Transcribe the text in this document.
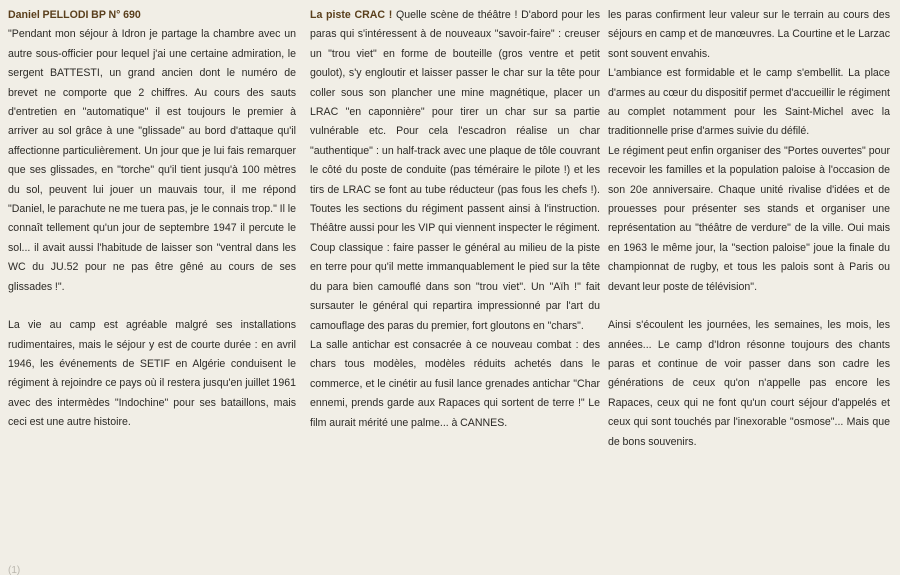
Daniel PELLODI BP N° 690

"Pendant mon séjour à Idron je partage la chambre avec un autre sous-officier pour lequel j'ai une certaine admiration, le sergent BATTESTI, un grand ancien dont le numéro de brevet ne comporte que 2 chiffres. Au cours des sauts d'entretien en "automatique" il est toujours le premier à arriver au sol grâce à une "glissade" au bord d'attaque qu'il affectionne particulièrement. Un jour que je lui fais remarquer que ses glissades, en "torche" qu'il tient jusqu'à 100 mètres du sol, peuvent lui jouer un mauvais tour, il me répond "Daniel, le parachute ne me tuera pas, je le connais trop." Il le connaît tellement qu'un jour de septembre 1947 il percute le sol... il avait aussi l'habitude de laisser son "ventral dans les WC du JU.52 pour ne pas être gêné au cours de ses glissades !".

La vie au camp est agréable malgré ses installations rudimentaires, mais le séjour y est de courte durée : en avril 1946, les événements de SETIF en Algérie conduisent le régiment à rejoindre ce pays où il restera jusqu'en juillet 1961 avec des intermèdes "Indochine" pour ses bataillons, mais ceci est une autre histoire.

La piste CRAC ! Quelle scène de théâtre ! D'abord pour les paras qui s'intéressent à de nouveaux "savoir-faire" : creuser un "trou viet" en forme de bouteille (gros ventre et petit goulot), s'y engloutir et laisser passer le char sur la tête pour coller sous son plancher une mine magnétique, placer un LRAC "en caponnière" pour tirer un char sur sa partie vulnérable etc. Pour cela l'escadron réalise un char "authentique" : un half-track avec une plaque de tôle couvrant le côté du poste de conduite (pas téméraire le pilote !) et les tirs de LRAC se font au tube réducteur (pas fous les chefs !). Toutes les sections du régiment passent ainsi à l'instruction. Théâtre aussi pour les VIP qui viennent inspecter le régiment. Coup classique : faire passer le général au milieu de la piste en terre pour qu'il mette immanquablement le pied sur la tête du para bien camouflé dans son "trou viet". Un "Aïh !" fait sursauter le général qui repartira impressionné par l'art du camouflage des paras du premier, fort gloutons en "chars".

La salle antichar est consacrée à ce nouveau combat : des chars tous modèles, modèles réduits achetés dans le commerce, et le cinétir au fusil lance grenades antichar "Char ennemi, prends garde aux Rapaces qui sortent de terre !" Le film aurait mérité une palme... à CANNES.

les paras confirment leur valeur sur le terrain au cours des séjours en camp et de manœuvres. La Courtine et le Larzac sont souvent envahis.

L'ambiance est formidable et le camp s'embellit. La place d'armes au cœur du dispositif permet d'accueillir le régiment au complet notamment pour les Saint-Michel avec la traditionnelle prise d'armes suivie du défilé.

Le régiment peut enfin organiser des "Portes ouvertes" pour recevoir les familles et la population paloise à l'occasion de son 20e anniversaire. Chaque unité rivalise d'idées et de prouesses pour présenter ses stands et organiser une représentation au "théâtre de verdure" de la ville. Oui mais en 1963 le même jour, la "section paloise" joue la finale du championnat de rugby, et tous les palois sont à Paris ou devant leur poste de télévision".

Ainsi s'écoulent les journées, les semaines, les mois, les années... Le camp d'Idron résonne toujours des chants paras et continue de voir passer dans son cadre les générations de ceux qu'on n'appelle pas encore les Rapaces, ceux qui ne font qu'un court séjour d'appelés et ceux qui sont touchés par l'inexorable "osmose"... Mais que de bons souvenirs.

(1)
